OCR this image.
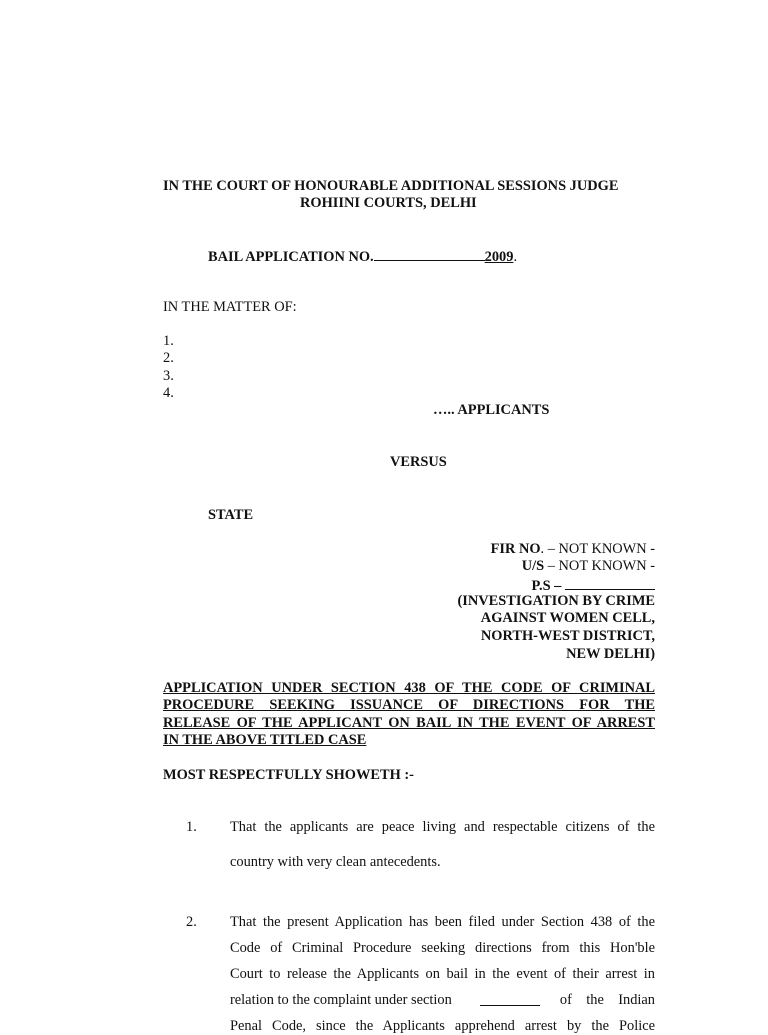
IN THE COURT OF HONOURABLE ADDITIONAL SESSIONS JUDGE
ROHIINI COURTS, DELHI
BAIL APPLICATION NO.	2009.
IN THE MATTER OF:
1.
2.
3.
4.
….. APPLICANTS
VERSUS
STATE
FIR NO. – NOT KNOWN -
U/S – NOT KNOWN -
P.S –
(INVESTIGATION BY CRIME
AGAINST WOMEN CELL,
NORTH-WEST DISTRICT,
NEW DELHI)
APPLICATION UNDER SECTION 438 OF THE CODE OF CRIMINAL
PROCEDURE SEEKING ISSUANCE OF DIRECTIONS FOR THE
RELEASE OF THE APPLICANT ON BAIL IN THE EVENT OF ARREST
IN THE ABOVE TITLED CASE
MOST RESPECTFULLY SHOWETH :-
1. That the applicants are peace living and respectable citizens of the
country with very clean antecedents.
2. That the present Application has been filed under Section 438 of the
Code of Criminal Procedure seeking directions from this Hon'ble
Court to release the Applicants on bail in the event of their arrest in
relation to the complaint under section	of    the    Indian
Penal Code, since the Applicants apprehend arrest by the Police
